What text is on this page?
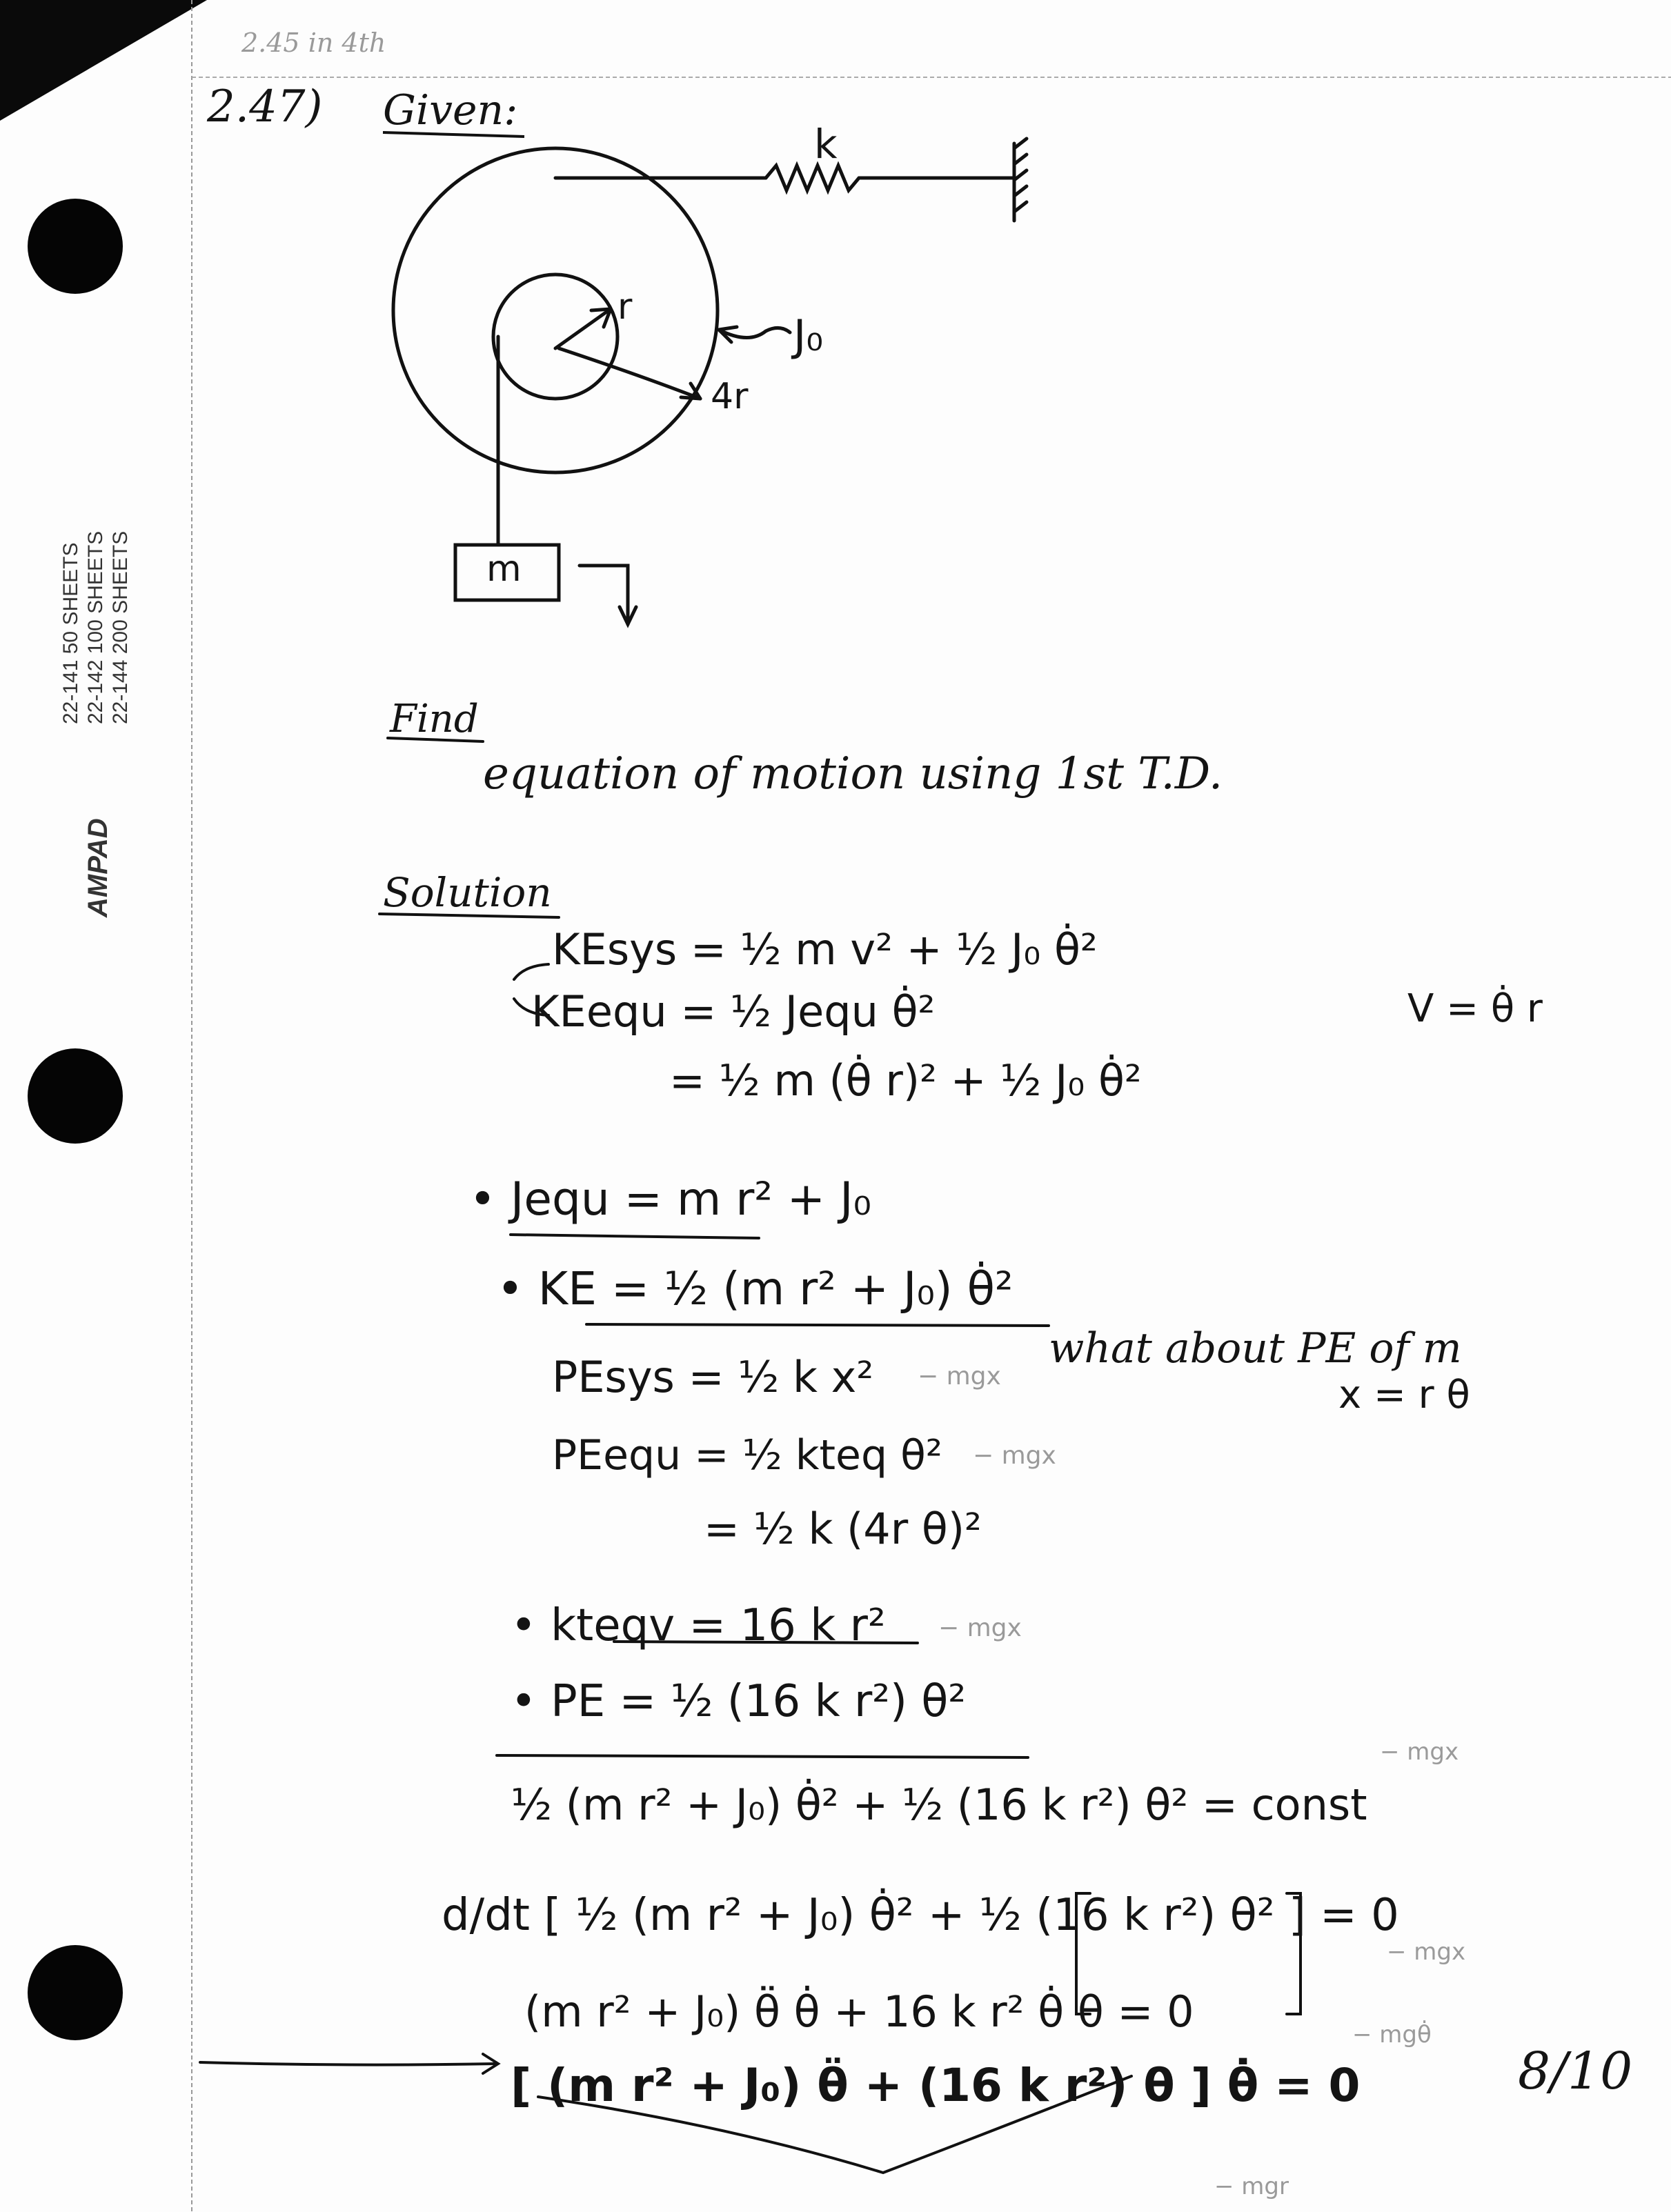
AMPAD
22-141 50 SHEETS 22-142 100 SHEETS 22-144 200 SHEETS
2.45 in 4th
2.47) Given:
k
r
J₀
4r
m
Find
equation of motion using 1st T.D.
Solution
KEsys = ½ m v² + ½ J₀ θ̇²
KEequ = ½ Jequ θ̇²	V = θ̇ r
= ½ m (θ̇ r)² + ½ J₀ θ̇²
• Jequ = m r² + J₀
• KE = ½ (m r² + J₀) θ̇²
PEsys = ½ k x² − mgx
what about PE of m
x = r θ
PEequ = ½ kteq θ² − mgx
= ½ k (4r θ)²
• kteqv = 16 k r² − mgx
• PE = ½ (16 k r²) θ²
½ (m r² + J₀) θ̇² + ½ (16 k r²) θ² = const
− mgx
d/dt [ ½ (m r² + J₀) θ̇² + ½ (16 k r²) θ² ] = 0
− mgx
(m r² + J₀) θ̈ θ̇ + 16 k r² θ̇ θ = 0	− mgθ̇
[ (m r² + J₀) θ̈ + (16 k r²) θ ] θ̇ = 0
− mgr
8/10
